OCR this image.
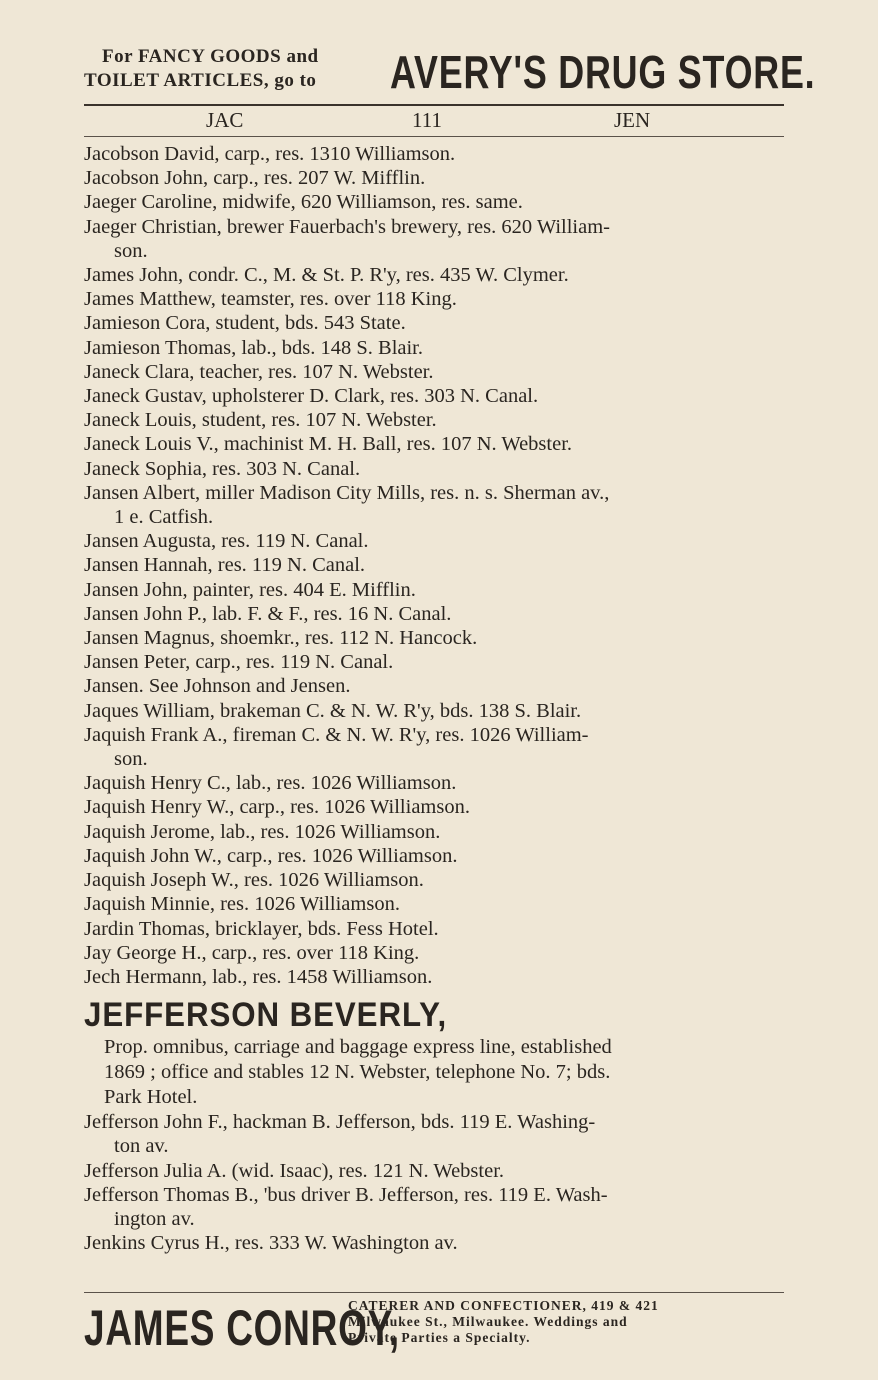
For FANCY GOODS and
TOILET ARTICLES, go to AVERY'S DRUG STORE.
JAC	111	JEN
Jacobson David, carp., res. 1310 Williamson.
Jacobson John, carp., res. 207 W. Mifflin.
Jaeger Caroline, midwife, 620 Williamson, res. same.
Jaeger Christian, brewer Fauerbach's brewery, res. 620 William-
son.
James John, condr. C., M. & St. P. R'y, res. 435 W. Clymer.
James Matthew, teamster, res. over 118 King.
Jamieson Cora, student, bds. 543 State.
Jamieson Thomas, lab., bds. 148 S. Blair.
Janeck Clara, teacher, res. 107 N. Webster.
Janeck Gustav, upholsterer D. Clark, res. 303 N. Canal.
Janeck Louis, student, res. 107 N. Webster.
Janeck Louis V., machinist M. H. Ball, res. 107 N. Webster.
Janeck Sophia, res. 303 N. Canal.
Jansen Albert, miller Madison City Mills, res. n. s. Sherman av.,
1 e. Catfish.
Jansen Augusta, res. 119 N. Canal.
Jansen Hannah, res. 119 N. Canal.
Jansen John, painter, res. 404 E. Mifflin.
Jansen John P., lab. F. & F., res. 16 N. Canal.
Jansen Magnus, shoemkr., res. 112 N. Hancock.
Jansen Peter, carp., res. 119 N. Canal.
Jansen. See Johnson and Jensen.
Jaques William, brakeman C. & N. W. R'y, bds. 138 S. Blair.
Jaquish Frank A., fireman C. & N. W. R'y, res. 1026 William-
son.
Jaquish Henry C., lab., res. 1026 Williamson.
Jaquish Henry W., carp., res. 1026 Williamson.
Jaquish Jerome, lab., res. 1026 Williamson.
Jaquish John W., carp., res. 1026 Williamson.
Jaquish Joseph W., res. 1026 Williamson.
Jaquish Minnie, res. 1026 Williamson.
Jardin Thomas, bricklayer, bds. Fess Hotel.
Jay George H., carp., res. over 118 King.
Jech Hermann, lab., res. 1458 Williamson.
JEFFERSON BEVERLY,
Prop. omnibus, carriage and baggage express line, established
1869 ; office and stables 12 N. Webster, telephone No. 7; bds.
Park Hotel.
Jefferson John F., hackman B. Jefferson, bds. 119 E. Washing-
ton av.
Jefferson Julia A. (wid. Isaac), res. 121 N. Webster.
Jefferson Thomas B., 'bus driver B. Jefferson, res. 119 E. Wash-
ington av.
Jenkins Cyrus H., res. 333 W. Washington av.
JAMES CONROY,
CATERER AND CONFECTIONER, 419 & 421
Milwaukee St., Milwaukee. Weddings and
Private Parties a Specialty.
